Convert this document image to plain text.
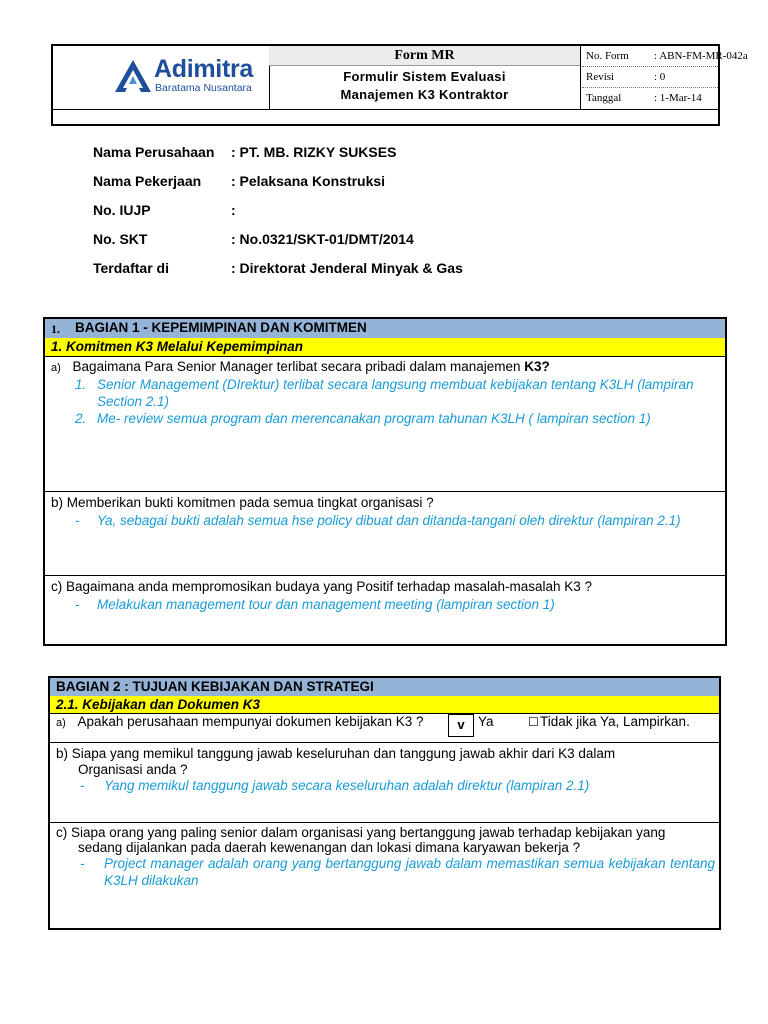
Adimitra
Baratama Nusantara
Form MR
Formulir Sistem Evaluasi
Manajemen K3 Kontraktor
No. Form : ABN-FM-MR-042a
Revisi	: 0
Tanggal	: 1-Mar-14
Nama Perusahaan : PT. MB. RIZKY SUKSES
Nama Pekerjaan : Pelaksana Konstruksi
No. IUJP	:
No. SKT	: No.0321/SKT-01/DMT/2014
Terdaftar di	: Direktorat Jenderal Minyak & Gas
1. BAGIAN 1 - KEPEMIMPINAN DAN KOMITMEN
1. Komitmen K3 Melalui Kepemimpinan
a) Bagaimana Para Senior Manager terlibat secara pribadi dalam manajemen K3?
1. Senior Management (DIrektur) terlibat secara langsung membuat kebijakan tentang K3LH (lampiran Section 2.1)
2. Me- review semua program dan merencanakan program tahunan K3LH ( lampiran section 1)
b) Memberikan bukti komitmen pada semua tingkat organisasi ?
-	Ya, sebagai bukti adalah semua hse policy dibuat dan ditanda-tangani oleh direktur (lampiran 2.1)
c) Bagaimana anda mempromosikan budaya yang Positif terhadap masalah-masalah K3 ?
-	Melakukan management tour dan management meeting (lampiran section 1)
BAGIAN 2 : TUJUAN KEBIJAKAN DAN STRATEGI
2.1. Kebijakan dan Dokumen K3
a) Apakah perusahaan mempunyai dokumen kebijakan K3 ?	v Ya	☐ Tidak jika Ya, Lampirkan.
b) Siapa yang memikul tanggung jawab keseluruhan dan tanggung jawab akhir dari K3 dalam
Organisasi anda ?
-	Yang memikul tanggung jawab secara keseluruhan adalah direktur (lampiran 2.1)
c) Siapa orang yang paling senior dalam organisasi yang bertanggung jawab terhadap kebijakan yang
sedang dijalankan pada daerah kewenangan dan lokasi dimana karyawan bekerja ?
-	Project manager adalah orang yang bertanggung jawab dalam memastikan semua kebijakan tentang K3LH dilakukan
